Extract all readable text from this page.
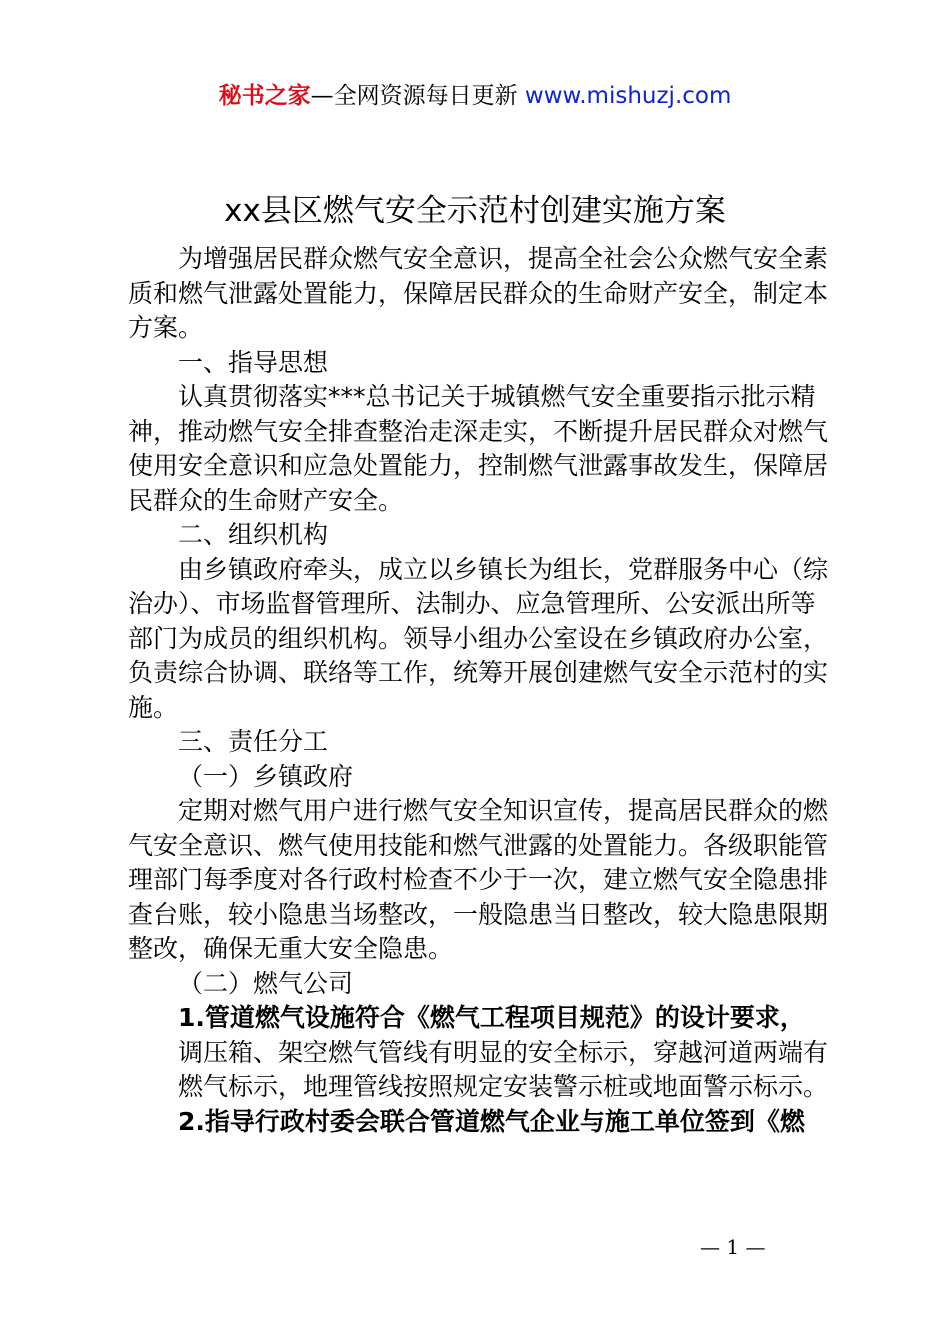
秘书之家—全网资源每日更新 www.mishuzj.com
xx县区燃气安全示范村创建实施方案

为增强居民群众燃气安全意识，提高全社会公众燃气安全素质和燃气泄露处置能力，保障居民群众的生命财产安全，制定本方案。

一、指导思想

认真贯彻落实***总书记关于城镇燃气安全重要指示批示精神，推动燃气安全排查整治走深走实，不断提升居民群众对燃气使用安全意识和应急处置能力，控制燃气泄露事故发生，保障居民群众的生命财产安全。

二、组织机构

由乡镇政府牵头，成立以乡镇长为组长，党群服务中心（综治办）、市场监督管理所、法制办、应急管理所、公安派出所等部门为成员的组织机构。领导小组办公室设在乡镇政府办公室，负责综合协调、联络等工作，统筹开展创建燃气安全示范村的实施。

三、责任分工

（一）乡镇政府

定期对燃气用户进行燃气安全知识宣传，提高居民群众的燃气安全意识、燃气使用技能和燃气泄露的处置能力。各级职能管理部门每季度对各行政村检查不少于一次，建立燃气安全隐患排查台账，较小隐患当场整改，一般隐患当日整改，较大隐患限期整改，确保无重大安全隐患。

（二）燃气公司

1.管道燃气设施符合《燃气工程项目规范》的设计要求，

调压箱、架空燃气管线有明显的安全标示，穿越河道两端有

燃气标示，地理管线按照规定安装警示桩或地面警示标示。

2.指导行政村委会联合管道燃气企业与施工单位签到《燃

— 1 —
